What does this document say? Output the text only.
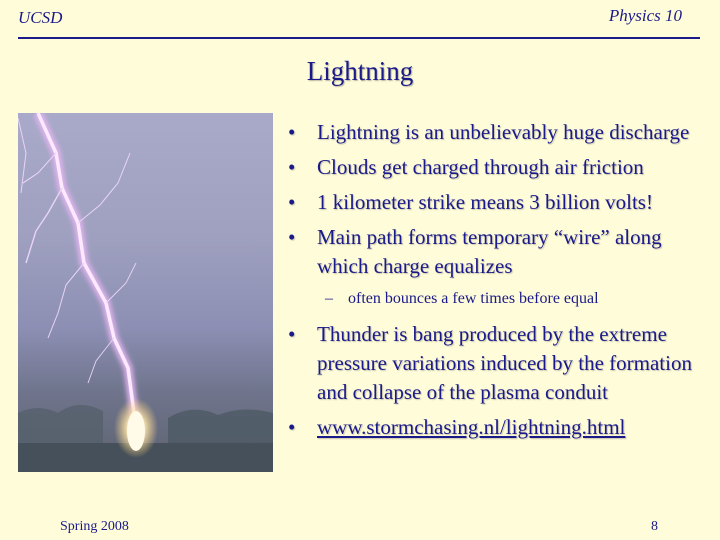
UCSD	Physics 10
Lightning
• Lightning is an unbelievably huge discharge
• Clouds get charged through air friction
• 1 kilometer strike means 3 billion volts!
• Main path forms temporary “wire” along which charge equalizes
– often bounces a few times before equal
• Thunder is bang produced by the extreme pressure variations induced by the formation and collapse of the plasma conduit
• www.stormchasing.nl/lightning.html
Spring 2008	8
